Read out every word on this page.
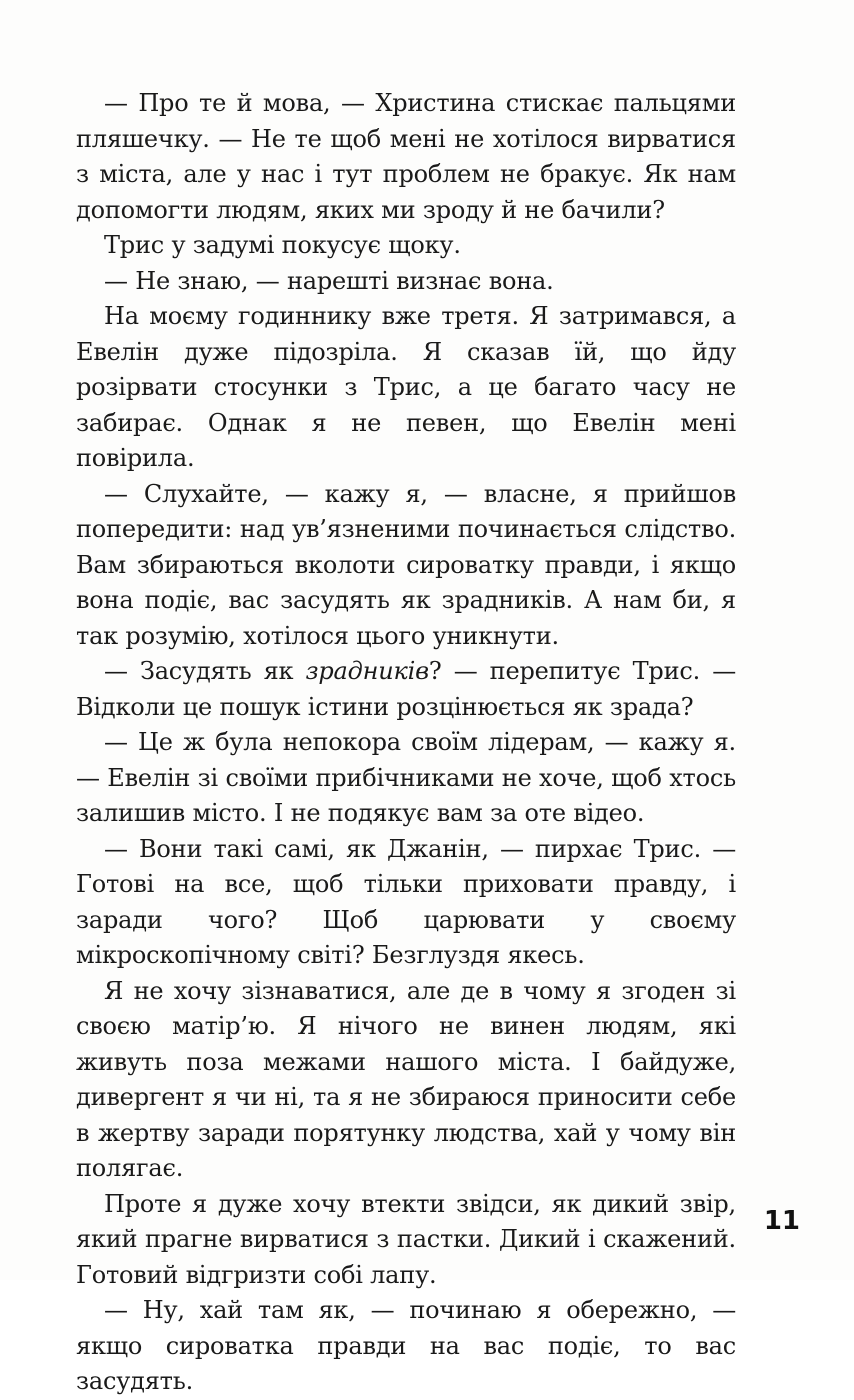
— Про те й мова, — Христина стискає пальцями пляшечку. — Не те щоб мені не хотілося вирватися з міста, але у нас і тут проблем не бракує. Як нам допомогти людям, яких ми зроду й не бачили?

Трис у задумі покусує щоку.

— Не знаю, — нарешті визнає вона.

На моєму годиннику вже третя. Я затримався, а Евелін дуже підозріла. Я сказав їй, що йду розірвати стосунки з Трис, а це багато часу не забирає. Однак я не певен, що Евелін мені повірила.

— Слухайте, — кажу я, — власне, я прийшов попередити: над ув’язненими починається слідство. Вам збираються вколоти сироватку правди, і якщо вона подіє, вас засудять як зрадників. А нам би, я так розумію, хотілося цього уникнути.

— Засудять як зрадників? — перепитує Трис. — Відколи це пошук істини розцінюється як зрада?

— Це ж була непокора своїм лідерам, — кажу я. — Евелін зі своїми прибічниками не хоче, щоб хтось залишив місто. І не подякує вам за оте відео.

— Вони такі самі, як Джанін, — пирхає Трис. — Готові на все, щоб тільки приховати правду, і заради чого? Щоб царювати у своєму мікроскопічному світі? Безглуздя якесь.

Я не хочу зізнаватися, але де в чому я згоден зі своєю матір’ю. Я нічого не винен людям, які живуть поза межами нашого міста. І байдуже, дивергент я чи ні, та я не збираюся приносити себе в жертву заради порятунку людства, хай у чому він полягає.

Проте я дуже хочу втекти звідси, як дикий звір, який прагне вирватися з пастки. Дикий і скажений. Готовий відгризти собі лапу.

— Ну, хай там як, — починаю я обережно, — якщо сироватка правди на вас подіє, то вас засудять.

11
